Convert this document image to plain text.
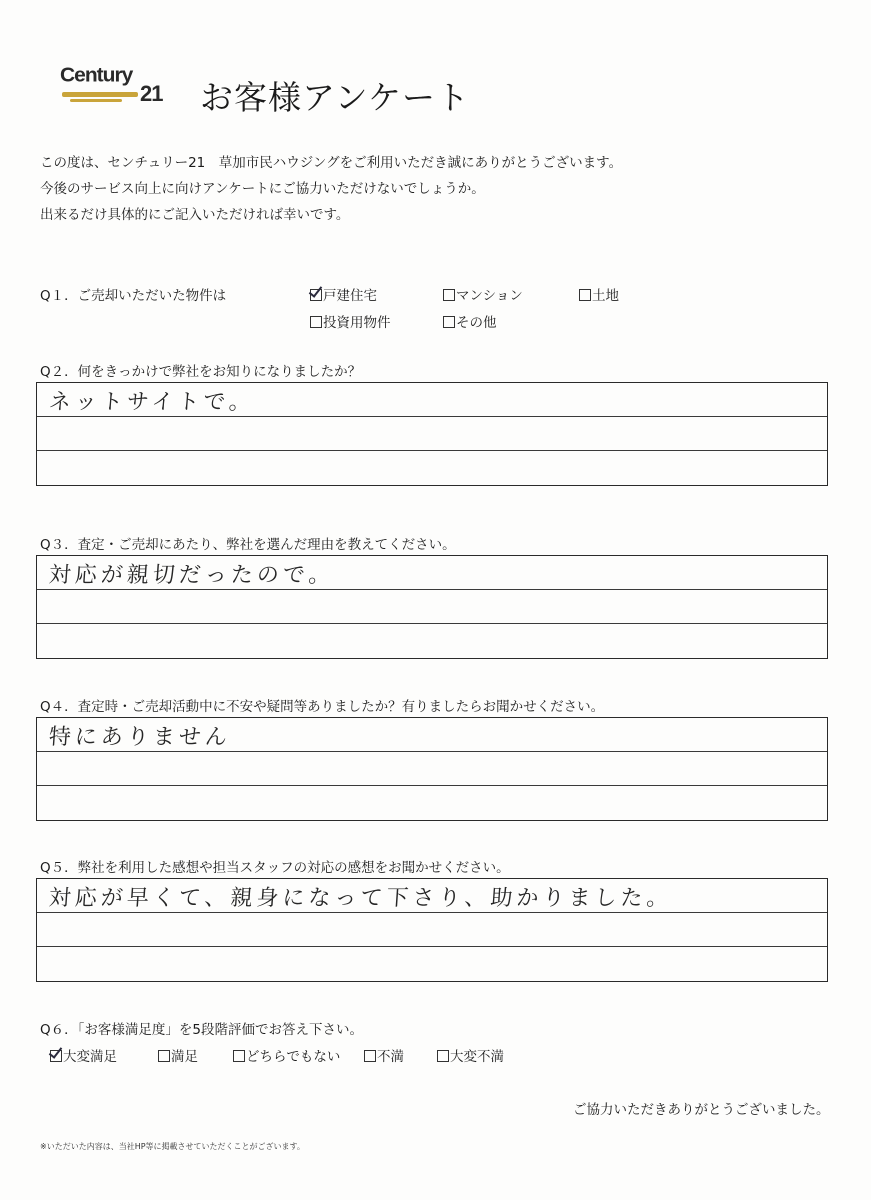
Century
21 お客様アンケート
この度は、センチュリー21　草加市民ハウジングをご利用いただき誠にありがとうございます。
今後のサービス向上に向けアンケートにご協力いただけないでしょうか。
出来るだけ具体的にご記入いただければ幸いです。
Q１．ご売却いただいた物件は	戸建住宅	マンション	土地
投資用物件	その他
Q２．何をきっかけで弊社をお知りになりましたか？
ネットサイトで。
Q３．査定・ご売却にあたり、弊社を選んだ理由を教えてください。
対応が親切だったので。
Q４．査定時・ご売却活動中に不安や疑問等ありましたか？有りましたらお聞かせください。
特にありません
Q５．弊社を利用した感想や担当スタッフの対応の感想をお聞かせください。
対応が早くて、親身になって下さり、助かりました。
Q６．「お客様満足度」を5段階評価でお答え下さい。
大変満足	満足	どちらでもない	不満	大変不満
ご協力いただきありがとうございました。
※いただいた内容は、当社HP等に掲載させていただくことがございます。
